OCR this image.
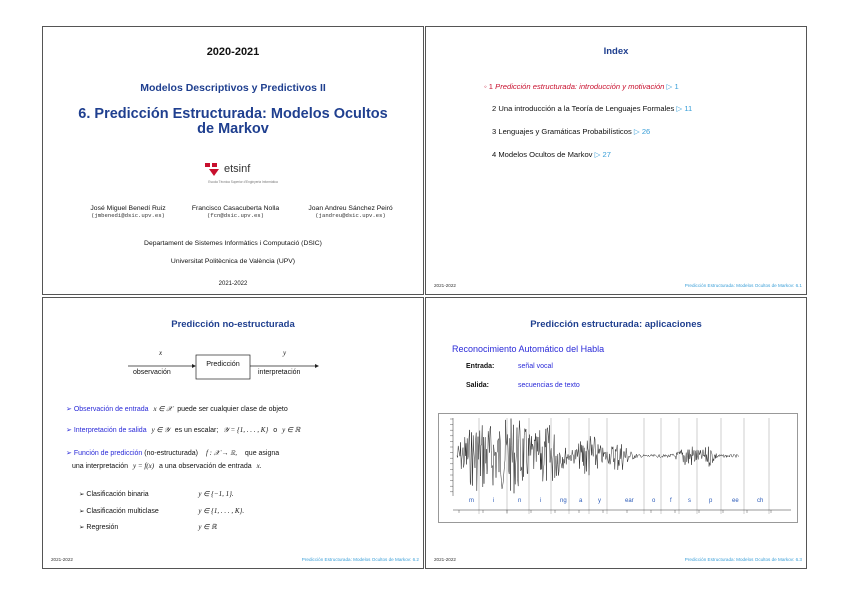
2020-2021
Modelos Descriptivos y Predictivos II
6. Predicción Estructurada: Modelos Ocultos
de Markov
etsinf
Escola Tècnica Superior d'Enginyeria Informàtica
José Miguel Benedí Ruiz
(jmbenedi@dsic.upv.es)
Francisco Casacuberta Nolla
(fcn@dsic.upv.es)
Joan Andreu Sánchez Peiró
(jandreu@dsic.upv.es)
Departament de Sistemes Informàtics i Computació (DSIC)
Universitat Politècnica de València (UPV)
2021-2022
Index
◦ 1 Predicción estructurada: introducción y motivación ▷ 1
2 Una introducción a la Teoría de Lenguajes Formales ▷ 11
3 Lenguajes y Gramáticas Probabilísticos ▷ 26
4 Modelos Ocultos de Markov ▷ 27
2021-2022	Predicción Estructurada: Modelos Ocultos de Markov: 6.1
Predicción no-estructurada
x
Predicción
y
observación	interpretación
➢ Observación de entrada x ∈ 𝒳 puede ser cualquier clase de objeto
➢ Interpretación de salida y ∈ 𝒴 es un escalar; 𝒴 = {1, . . . , K} o y ∈ ℝ
➢ Función de predicción (no-estructurada) f : 𝒳 → ℝ, que asigna
una interpretación y = f(x) a una observación de entrada x.
➢ Clasificación binaria	y ∈ {−1, 1}.
➢ Clasificación multiclase	y ∈ {1, . . . , K}.
➢ Regresión	y ∈ ℝ
2021-2022	Predicción Estructurada: Modelos Ocultos de Markov: 6.2
Predicción estructurada: aplicaciones
Reconocimiento Automático del Habla
Entrada:	señal vocal
Salida:	secuencias de texto
m	i	n	i	ng a	y	ear	o f	s	p	ee	ch
2021-2022	Predicción Estructurada: Modelos Ocultos de Markov: 6.3
